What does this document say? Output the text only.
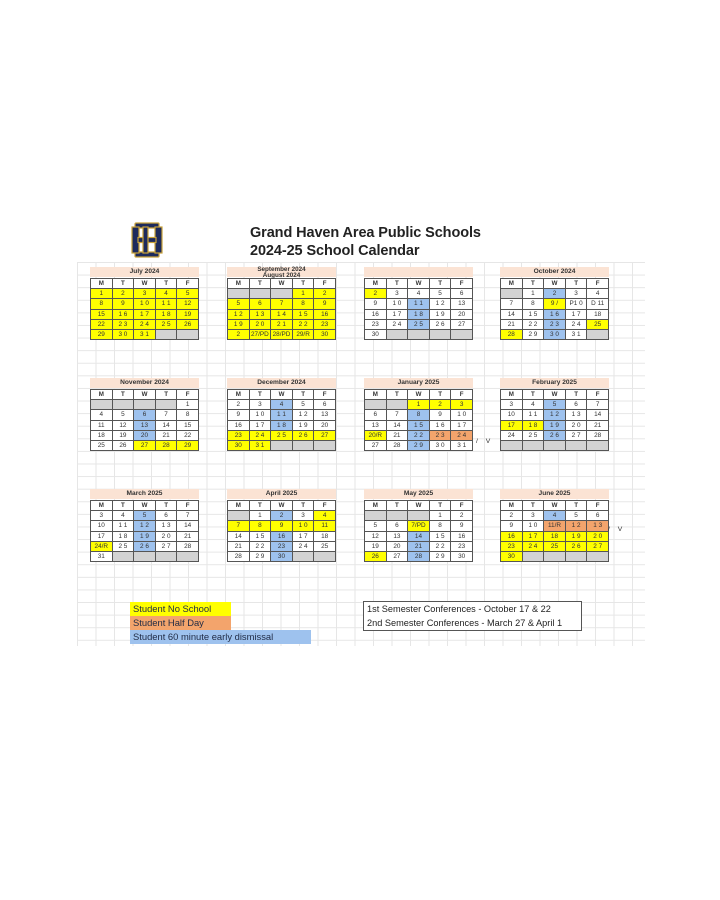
Grand Haven Area Public Schools
2024-25 School Calendar
July 2024
M	T	W	T	F
1	2	3	4	5
8	9	1 0	1 1	12
15	1 6	1 7	1 8	19
22	2 3	2 4	2 5	26
29	3 0	3 1		
September 2024
August 2024
M	T	W	T	F
			1	2
5	6	7	8	9
1 2	1 3	1 4	1 5	16
1 9	2 0	2 1	2 2	23
2	27/PD	28/PD	29/R	30
M	T	W	T	F
2	3	4	5	6
9	1 0	1 1	1 2	13
16	1 7	1 8	1 9	20
23	2 4	2 5	2 6	27
30				
October 2024
M	T	W	T	F
	1	2	3	4
7	8	9 /	P1 0	D 11
14	1 5	1 6	1 7	18
21	2 2	2 3	2 4	25
28	2 9	3 0	3 1	
November 2024
M	T	W	T	F
				1
4	5	6	7	8
11	12	13	14	15
18	19	20	21	22
25	26	27	28	29
December 2024
M	T	W	T	F
2	3	4	5	6
9	1 0	1 1	1 2	13
16	1 7	1 8	1 9	20
23	2 4	2 5	2 6	27
30	3 1			
January 2025
M	T	W	T	F
		1	2	3
6	7	8	9	1 0
13	14	1 5	1 6	1 7
20/R	21	2 2	2 3	2 4
27	28	2 9	3 0	3 1
/ V
February 2025
M	T	W	T	F
3	4	5	6	7
10	1 1	1 2	1 3	14
17	1 8	1 9	2 0	21
24	2 5	2 6	2 7	28

March 2025
M	T	W	T	F
3	4	5	6	7
10	1 1	1 2	1 3	14
17	1 8	1 9	2 0	21
24/R	2 5	2 6	2 7	28
31				
April 2025
M	T	W	T	F
	1	2	3	4
7	8	9	1 0	11
14	1 5	16	1 7	18
21	2 2	23	2 4	25
28	2 9	30		
May 2025
M	T	W	T	F
			1	2
5	6	7/PD	8	9
12	13	14	1 5	16
19	20	21	2 2	23
26	27	28	2 9	30
June 2025
M	T	W	T	F
2	3	4	5	6
9	1 0	11/R	1 2	1 3
16	1 7	18	1 9	2 0
23	2 4	25	2 6	2 7
30				
/ V
Student No School
Student Half Day
Student 60 minute early dismissal
1st Semester Conferences - October 17 & 22
2nd Semester Conferences - March 27 & April 1
